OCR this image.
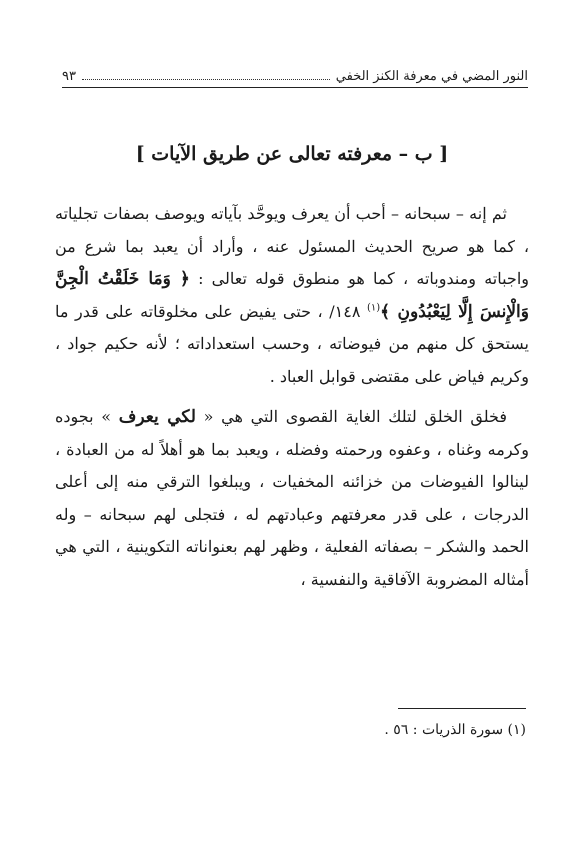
النور المضي في معرفة الكنز الخفي
٩٣
[ ب – معرفته تعالى عن طريق الآيات ]

ثم إنه – سبحانه – أحب أن يعرف ويوحَّد بآياته ويوصف بصفات تجلياته ، كما هو صريح الحديث المسئول عنه ، وأراد أن يعبد بما شرع من واجباته ومندوباته ، كما هو منطوق قوله تعالى : ﴿ وَمَا خَلَقْتُ الْجِنَّ وَالْإِنسَ إِلَّا لِيَعْبُدُونِ ﴾$^{(١)}$ ١٤٨/ ، حتى يفيض على مخلوقاته على قدر ما يستحق كل منهم من فيوضاته ، وحسب استعداداته ؛ لأنه حكيم جواد ، وكريم فياض على مقتضى قوابل العباد .

فخلق الخلق لتلك الغاية القصوى التي هي « لكي يعرف » بجوده وكرمه وغناه ، وعفوه ورحمته وفضله ، ويعبد بما هو أهلاً له من العبادة ، لينالوا الفيوضات من خزائنه المخفيات ، ويبلغوا الترقي منه إلى أعلى الدرجات ، على قدر معرفتهم وعبادتهم له ، فتجلى لهم سبحانه – وله الحمد والشكر – بصفاته الفعلية ، وظهر لهم بعنواناته التكوينية ، التي هي أمثاله المضروبة الآفاقية والنفسية ،

(١) سورة الذريات : ٥٦ .
